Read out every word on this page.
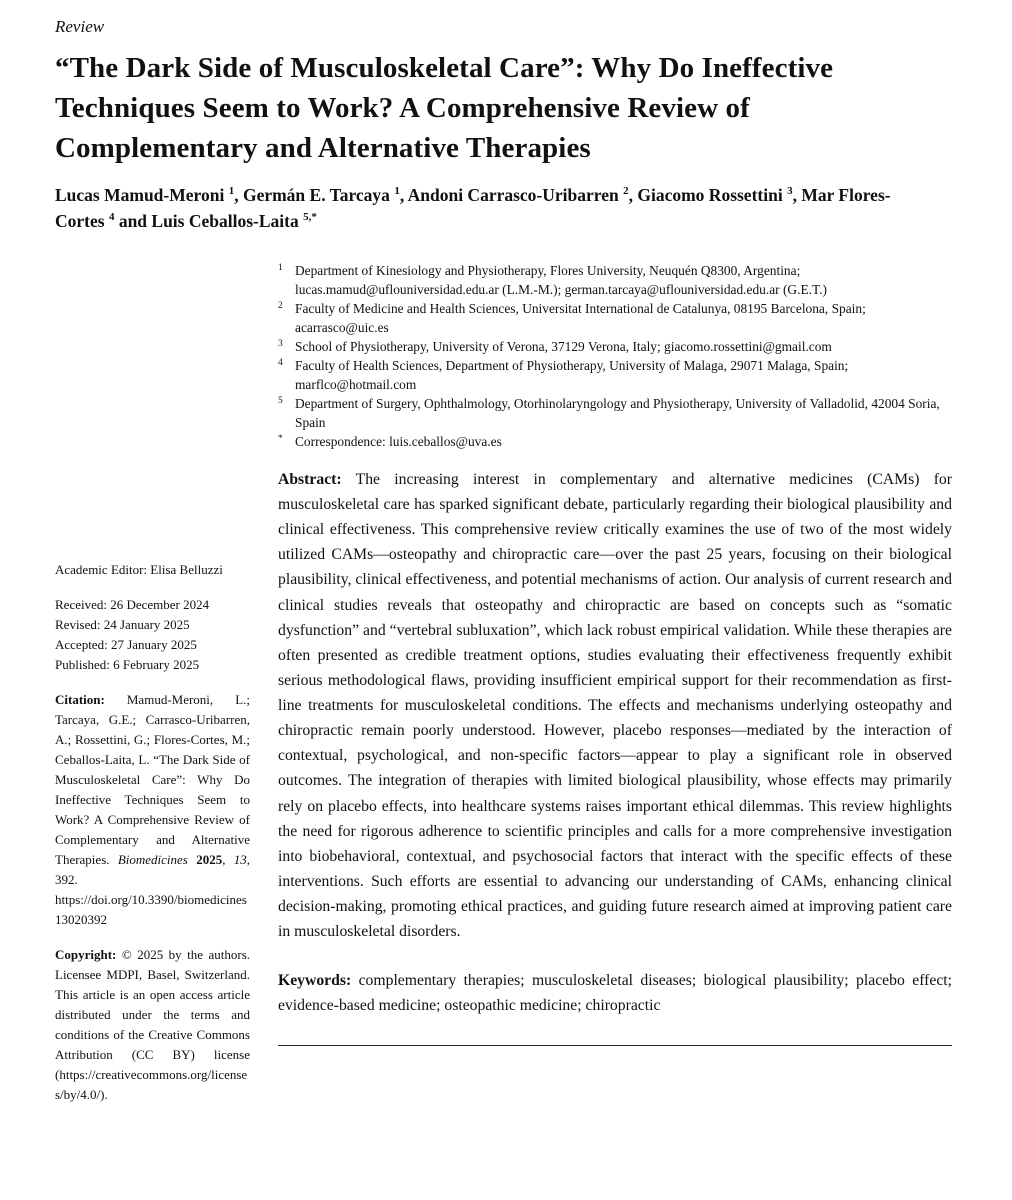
Review
“The Dark Side of Musculoskeletal Care”: Why Do Ineffective Techniques Seem to Work? A Comprehensive Review of Complementary and Alternative Therapies
Lucas Mamud-Meroni $^1$, Germán E. Tarcaya $^1$, Andoni Carrasco-Uribarren $^2$, Giacomo Rossettini $^3$, Mar Flores-Cortes $^4$ and Luis Ceballos-Laita $^{5,*}$
1 Department of Kinesiology and Physiotherapy, Flores University, Neuquén Q8300, Argentina; lucas.mamud@uflouniversidad.edu.ar (L.M.-M.); german.tarcaya@uflouniversidad.edu.ar (G.E.T.)
2 Faculty of Medicine and Health Sciences, Universitat International de Catalunya, 08195 Barcelona, Spain; acarrasco@uic.es
3 School of Physiotherapy, University of Verona, 37129 Verona, Italy; giacomo.rossettini@gmail.com
4 Faculty of Health Sciences, Department of Physiotherapy, University of Malaga, 29071 Malaga, Spain; marflco@hotmail.com
5 Department of Surgery, Ophthalmology, Otorhinolaryngology and Physiotherapy, University of Valladolid, 42004 Soria, Spain
* Correspondence: luis.ceballos@uva.es
Academic Editor: Elisa Belluzzi
Received: 26 December 2024
Revised: 24 January 2025
Accepted: 27 January 2025
Published: 6 February 2025
Citation: Mamud-Meroni, L.; Tarcaya, G.E.; Carrasco-Uribarren, A.; Rossettini, G.; Flores-Cortes, M.; Ceballos-Laita, L. “The Dark Side of Musculoskeletal Care”: Why Do Ineffective Techniques Seem to Work? A Comprehensive Review of Complementary and Alternative Therapies. Biomedicines 2025, 13, 392. https://doi.org/10.3390/biomedicines13020392
Copyright: © 2025 by the authors. Licensee MDPI, Basel, Switzerland. This article is an open access article distributed under the terms and conditions of the Creative Commons Attribution (CC BY) license (https://creativecommons.org/licenses/by/4.0/).

Abstract: The increasing interest in complementary and alternative medicines (CAMs) for musculoskeletal care has sparked significant debate, particularly regarding their biological plausibility and clinical effectiveness. This comprehensive review critically examines the use of two of the most widely utilized CAMs—osteopathy and chiropractic care—over the past 25 years, focusing on their biological plausibility, clinical effectiveness, and potential mechanisms of action. Our analysis of current research and clinical studies reveals that osteopathy and chiropractic are based on concepts such as “somatic dysfunction” and “vertebral subluxation”, which lack robust empirical validation. While these therapies are often presented as credible treatment options, studies evaluating their effectiveness frequently exhibit serious methodological flaws, providing insufficient empirical support for their recommendation as first-line treatments for musculoskeletal conditions. The effects and mechanisms underlying osteopathy and chiropractic remain poorly understood. However, placebo responses—mediated by the interaction of contextual, psychological, and non-specific factors—appear to play a significant role in observed outcomes. The integration of therapies with limited biological plausibility, whose effects may primarily rely on placebo effects, into healthcare systems raises important ethical dilemmas. This review highlights the need for rigorous adherence to scientific principles and calls for a more comprehensive investigation into biobehavioral, contextual, and psychosocial factors that interact with the specific effects of these interventions. Such efforts are essential to advancing our understanding of CAMs, enhancing clinical decision-making, promoting ethical practices, and guiding future research aimed at improving patient care in musculoskeletal disorders.

Keywords: complementary therapies; musculoskeletal diseases; biological plausibility; placebo effect; evidence-based medicine; osteopathic medicine; chiropractic
